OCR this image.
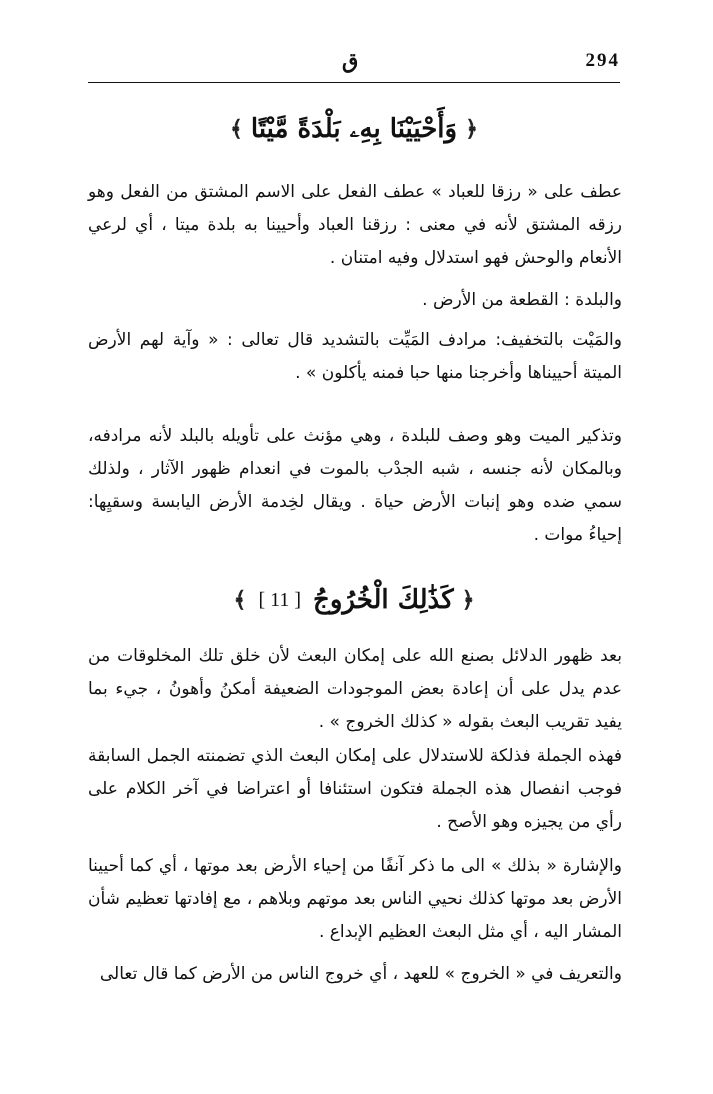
294
ق
﴿
وَأَحْيَيْنَا بِهِۦ بَلْدَةً مَّيْتًا
﴾

عطف على « رزقا للعباد » عطف الفعل على الاسم المشتق من الفعل وهو رزقه المشتق لأنه في معنى : رزقنا العباد وأحيينا به بلدة ميتا ، أي لرعي الأنعام والوحش فهو استدلال وفيه امتنان .

والبلدة : القطعة من الأرض .

والمَيْت بالتخفيف: مرادف المَيِّت بالتشديد قال تعالى : « وآية لهم الأرض الميتة أحييناها وأخرجنا منها حبا فمنه يأكلون » .

وتذكير الميت وهو وصف للبلدة ، وهي مؤنث على تأويله بالبلد لأنه مرادفه، وبالمكان لأنه جنسه ، شبه الجدْب بالموت في انعدام ظهور الآثار ، ولذلك سمي ضده وهو إنبات الأرض حياة . ويقال لخِدمة الأرض اليابسة وسقيِها: إحياءُ موات .

﴿
كَذَٰلِكَ الْخُرُوجُ
[ 11 ]
﴾

بعد ظهور الدلائل بصنع الله على إمكان البعث لأن خلق تلك المخلوقات من عدم يدل على أن إعادة بعض الموجودات الضعيفة أمكنُ وأهونُ ، جيء بما يفيد تقريب البعث بقوله « كذلك الخروج » .

فهذه الجملة فذلكة للاستدلال على إمكان البعث الذي تضمنته الجمل السابقة فوجب انفصال هذه الجملة فتكون استئنافا أو اعتراضا في آخر الكلام على رأي من يجيزه وهو الأصح .

والإشارة « بذلك » الى ما ذكر آنفًا من إحياء الأرض بعد موتها ، أي كما أحيينا الأرض بعد موتها كذلك نحيي الناس بعد موتهم وبلاهم ، مع إفادتها تعظيم شأن المشار اليه ، أي مثل البعث العظيم الإبداع .

والتعريف في « الخروج » للعهد ، أي خروج الناس من الأرض كما قال تعالى
